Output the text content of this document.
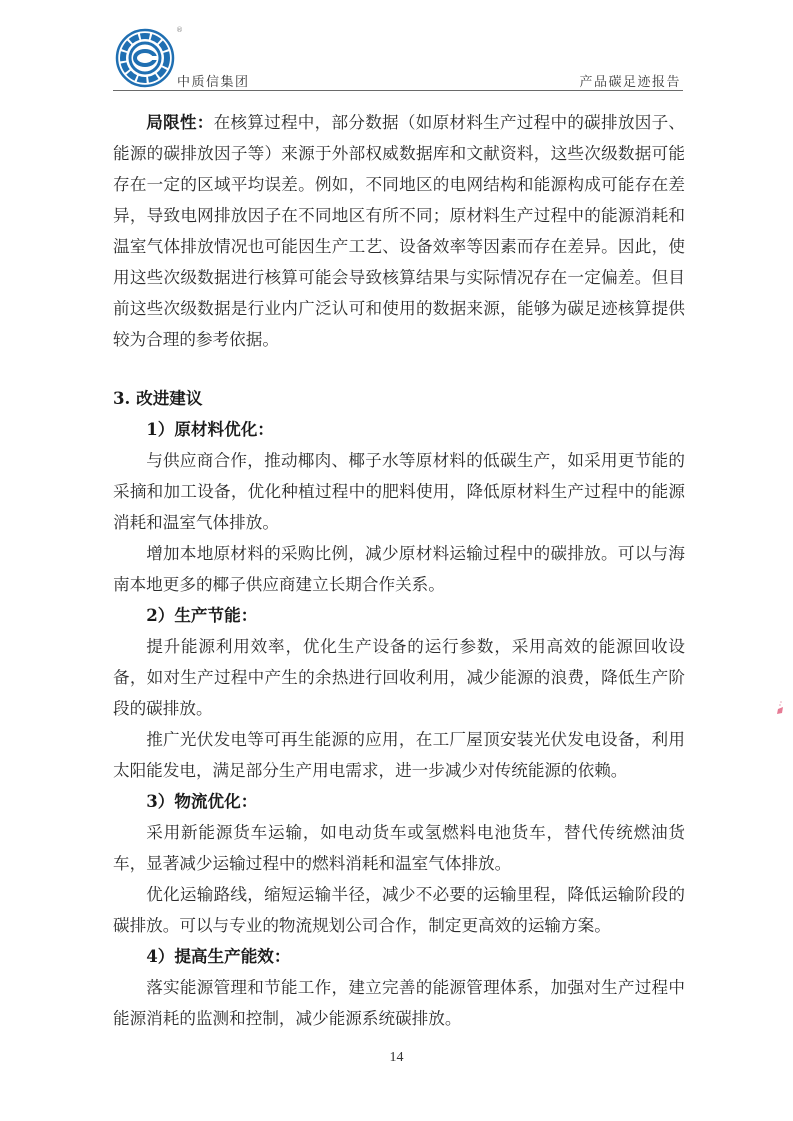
®
中质信集团	产品碳足迹报告

局限性：在核算过程中，部分数据（如原材料生产过程中的碳排放因子、能源的碳排放因子等）来源于外部权威数据库和文献资料，这些次级数据可能存在一定的区域平均误差。例如，不同地区的电网结构和能源构成可能存在差异，导致电网排放因子在不同地区有所不同；原材料生产过程中的能源消耗和温室气体排放情况也可能因生产工艺、设备效率等因素而存在差异。因此，使用这些次级数据进行核算可能会导致核算结果与实际情况存在一定偏差。但目前这些次级数据是行业内广泛认可和使用的数据来源，能够为碳足迹核算提供较为合理的参考依据。

3. 改进建议

1）原材料优化：

与供应商合作，推动椰肉、椰子水等原材料的低碳生产，如采用更节能的采摘和加工设备，优化种植过程中的肥料使用，降低原材料生产过程中的能源消耗和温室气体排放。

增加本地原材料的采购比例，减少原材料运输过程中的碳排放。可以与海南本地更多的椰子供应商建立长期合作关系。

2）生产节能：

提升能源利用效率，优化生产设备的运行参数，采用高效的能源回收设备，如对生产过程中产生的余热进行回收利用，减少能源的浪费，降低生产阶段的碳排放。

推广光伏发电等可再生能源的应用，在工厂屋顶安装光伏发电设备，利用太阳能发电，满足部分生产用电需求，进一步减少对传统能源的依赖。

3）物流优化：

采用新能源货车运输，如电动货车或氢燃料电池货车，替代传统燃油货车，显著减少运输过程中的燃料消耗和温室气体排放。

优化运输路线，缩短运输半径，减少不必要的运输里程，降低运输阶段的碳排放。可以与专业的物流规划公司合作，制定更高效的运输方案。

4）提高生产能效：

落实能源管理和节能工作，建立完善的能源管理体系，加强对生产过程中能源消耗的监测和控制，减少能源系统碳排放。

14
